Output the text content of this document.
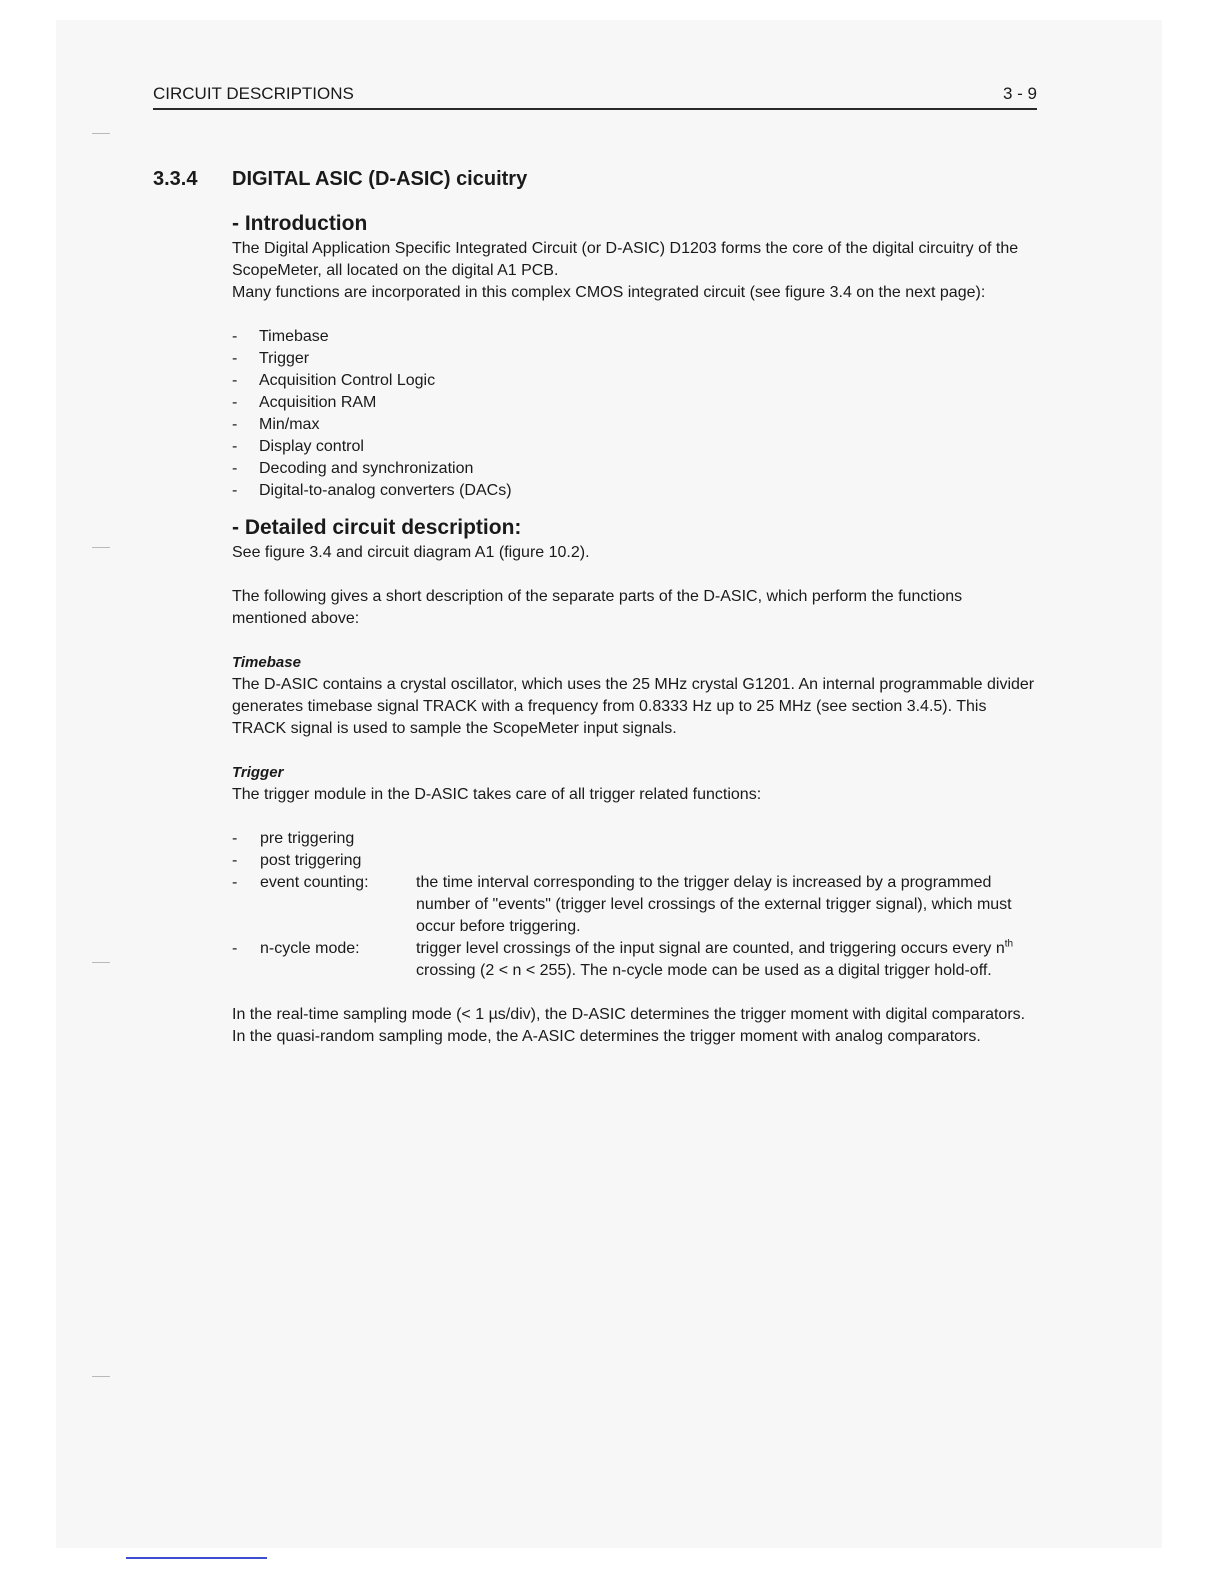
CIRCUIT DESCRIPTIONS	3 - 9
3.3.4 DIGITAL ASIC (D-ASIC) cicuitry

- Introduction

The Digital Application Specific Integrated Circuit (or D-ASIC) D1203 forms the core of the digital circuitry of the ScopeMeter, all located on the digital A1 PCB.

Many functions are incorporated in this complex CMOS integrated circuit (see figure 3.4 on the next page):

- Timebase
- Trigger
- Acquisition Control Logic
- Acquisition RAM
- Min/max
- Display control
- Decoding and synchronization
- Digital-to-analog converters (DACs)

- Detailed circuit description:

See figure 3.4 and circuit diagram A1 (figure 10.2).

The following gives a short description of the separate parts of the D-ASIC, which perform the functions mentioned above:

Timebase

The D-ASIC contains a crystal oscillator, which uses the 25 MHz crystal G1201. An internal programmable divider generates timebase signal TRACK with a frequency from 0.8333 Hz up to 25 MHz (see section 3.4.5). This TRACK signal is used to sample the ScopeMeter input signals.

Trigger

The trigger module in the D-ASIC takes care of all trigger related functions:

-	pre triggering
-	post triggering
-	event counting:	the time interval corresponding to the trigger delay is increased by a programmed number of "events" (trigger level crossings of the external trigger signal), which must occur before triggering.
-	n-cycle mode:	trigger level crossings of the input signal are counted, and triggering occurs every $n^{th}$ crossing (2 < n < 255). The n-cycle mode can be used as a digital trigger hold-off.

In the real-time sampling mode (< 1 µs/div), the D-ASIC determines the trigger moment with digital comparators. In the quasi-random sampling mode, the A-ASIC determines the trigger moment with analog comparators.
